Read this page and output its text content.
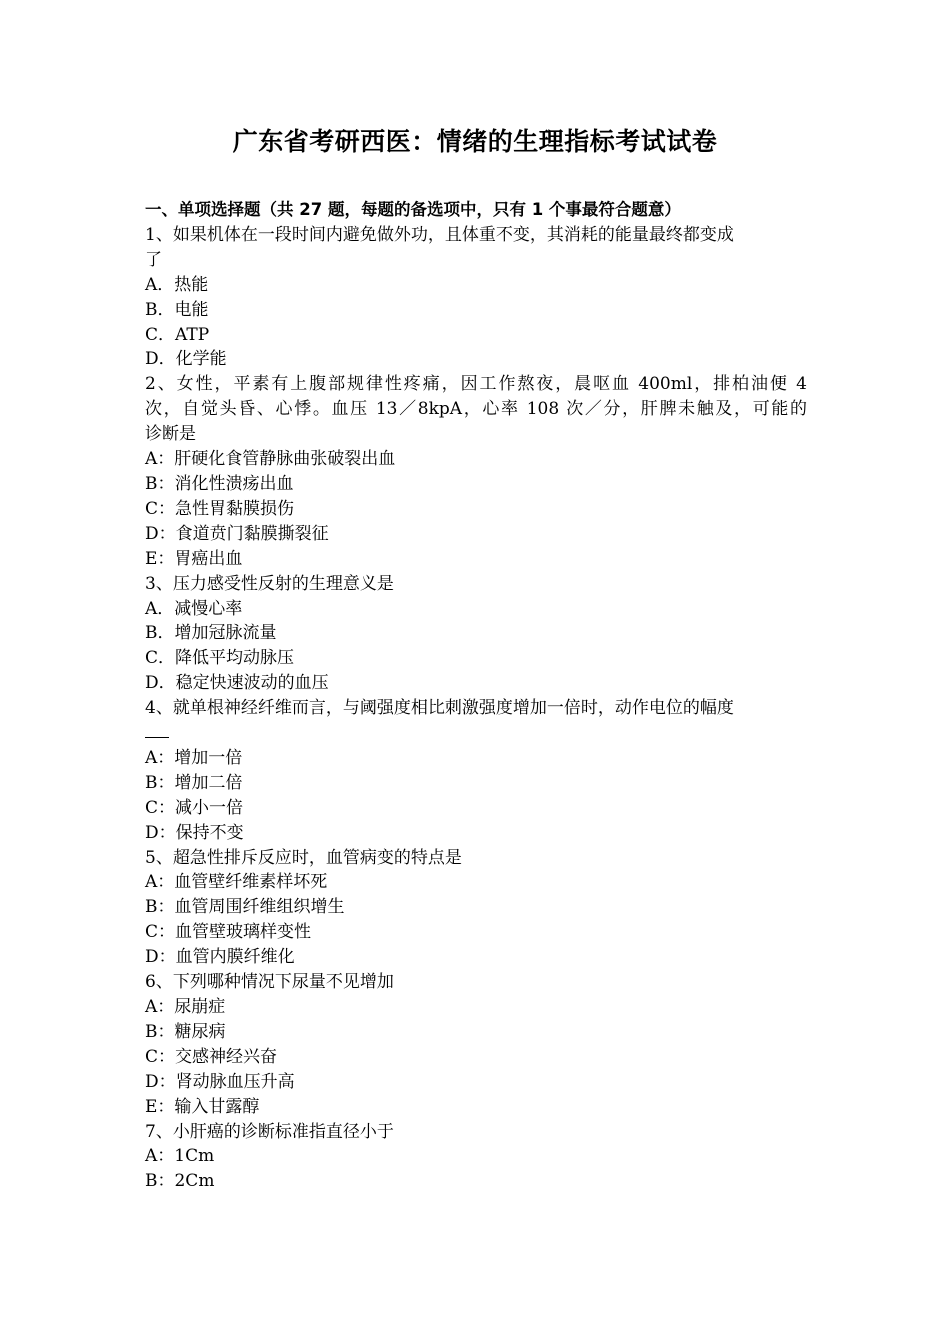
广东省考研西医：情绪的生理指标考试试卷
一、单项选择题（共 27 题，每题的备选项中，只有 1 个事最符合题意）
1、如果机体在一段时间内避免做外功，且体重不变，其消耗的能量最终都变成
了
A．热能
B．电能
C．ATP
D．化学能
2、女性，平素有上腹部规律性疼痛，因工作熬夜，晨呕血 400ml，排柏油便 4
次，自觉头昏、心悸。血压 13／8kpA，心率 108 次／分，肝脾未触及，可能的
诊断是
A：肝硬化食管静脉曲张破裂出血
B：消化性溃疡出血
C：急性胃黏膜损伤
D：食道贲门黏膜撕裂征
E：胃癌出血
3、压力感受性反射的生理意义是
A．减慢心率
B．增加冠脉流量
C．降低平均动脉压
D．稳定快速波动的血压
4、就单根神经纤维而言，与阈强度相比刺激强度增加一倍时，动作电位的幅度
A：增加一倍
B：增加二倍
C：减小一倍
D：保持不变
5、超急性排斥反应时，血管病变的特点是
A：血管壁纤维素样坏死
B：血管周围纤维组织增生
C：血管壁玻璃样变性
D：血管内膜纤维化
6、下列哪种情况下尿量不见增加
A：尿崩症
B：糖尿病
C：交感神经兴奋
D：肾动脉血压升高
E：输入甘露醇
7、小肝癌的诊断标准指直径小于
A：1Cm
B：2Cm
